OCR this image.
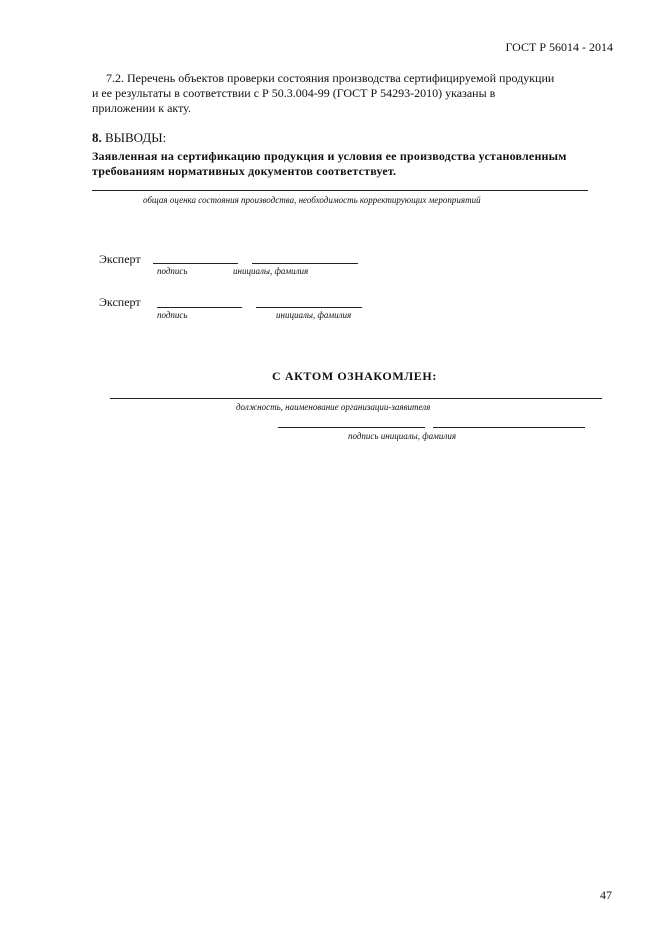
ГОСТ Р 56014 - 2014
7.2. Перечень объектов проверки состояния производства сертифицируемой продукции
и ее результаты в соответствии с Р 50.3.004-99 (ГОСТ Р 54293-2010) указаны в
приложении к акту.
8. ВЫВОДЫ:
Заявленная на сертификацию продукция и условия ее производства установленным
требованиям нормативных документов соответствует.
общая оценка состояния производства, необходимость корректирующих мероприятий
Эксперт
подпись	инициалы, фамилия
Эксперт
подпись	инициалы, фамилия
С АКТОМ ОЗНАКОМЛЕН:
должность, наименование организации-заявителя
подпись инициалы, фамилия
47
